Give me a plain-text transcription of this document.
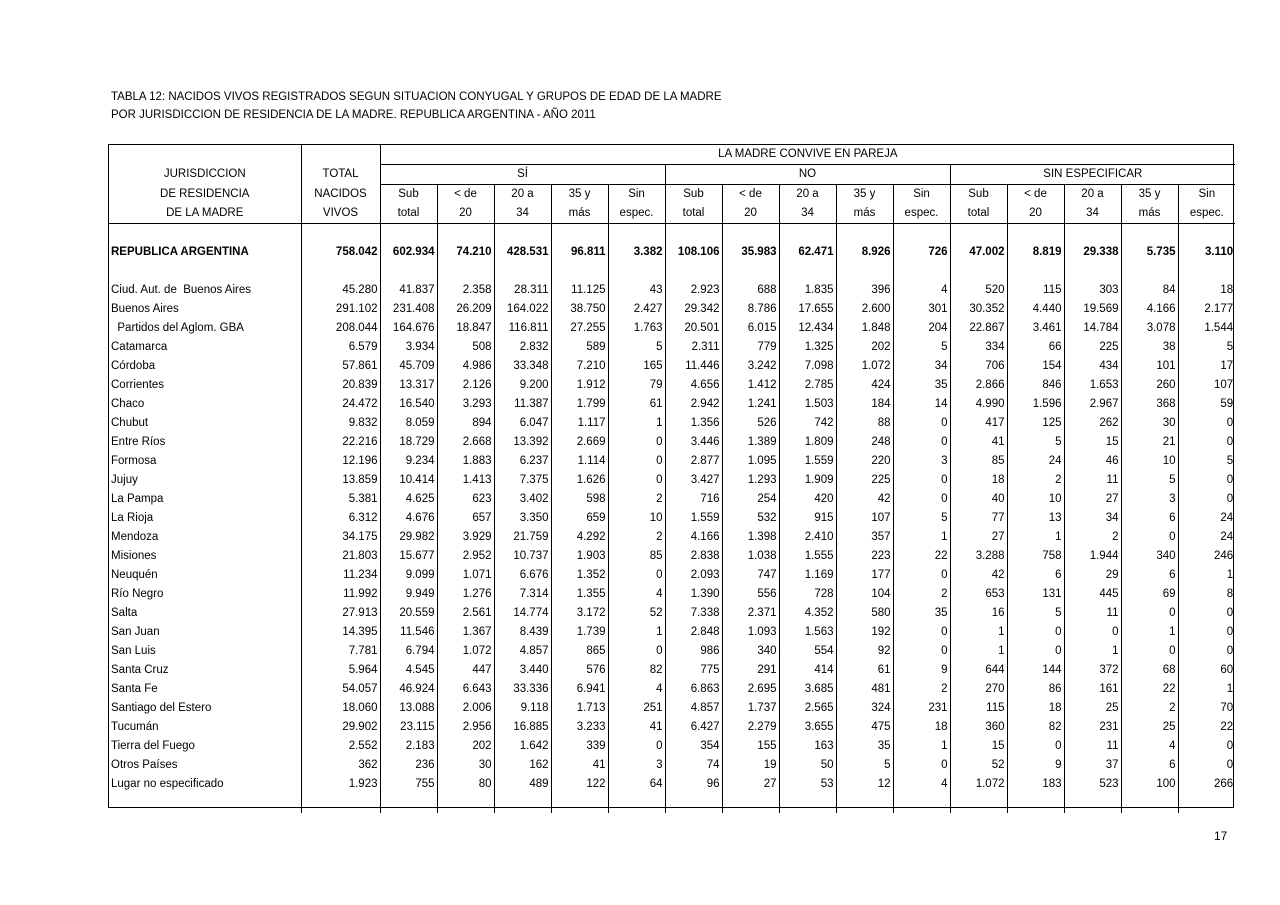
TABLA 12: NACIDOS VIVOS REGISTRADOS SEGUN SITUACION CONYUGAL Y GRUPOS DE EDAD DE LA MADRE
POR JURISDICCION DE RESIDENCIA DE LA MADRE. REPUBLICA ARGENTINA - AÑO 2011
		LA MADRE CONVIVE EN PAREJA														
JURISDICCION	TOTAL	SÍ					NO					SIN ESPECIFICAR				
DE RESIDENCIA	NACIDOS	Sub	< de	20 a	35 y	Sin	Sub	< de	20 a	35 y	Sin	Sub	< de	20 a	35 y	Sin
DE LA MADRE	VIVOS	total	20	34	más	espec.	total	20	34	más	espec.	total	20	34	más	espec.

REPUBLICA ARGENTINA	758.042	602.934	74.210	428.531	96.811	3.382	108.106	35.983	62.471	8.926	726	47.002	8.819	29.338	5.735	3.110

Ciud. Aut. de  Buenos Aires	45.280	41.837	2.358	28.311	11.125	43	2.923	688	1.835	396	4	520	115	303	84	18
Buenos Aires	291.102	231.408	26.209	164.022	38.750	2.427	29.342	8.786	17.655	2.600	301	30.352	4.440	19.569	4.166	2.177
Partidos del Aglom. GBA	208.044	164.676	18.847	116.811	27.255	1.763	20.501	6.015	12.434	1.848	204	22.867	3.461	14.784	3.078	1.544
Catamarca	6.579	3.934	508	2.832	589	5	2.311	779	1.325	202	5	334	66	225	38	5
Córdoba	57.861	45.709	4.986	33.348	7.210	165	11.446	3.242	7.098	1.072	34	706	154	434	101	17
Corrientes	20.839	13.317	2.126	9.200	1.912	79	4.656	1.412	2.785	424	35	2.866	846	1.653	260	107
Chaco	24.472	16.540	3.293	11.387	1.799	61	2.942	1.241	1.503	184	14	4.990	1.596	2.967	368	59
Chubut	9.832	8.059	894	6.047	1.117	1	1.356	526	742	88	0	417	125	262	30	0
Entre Ríos	22.216	18.729	2.668	13.392	2.669	0	3.446	1.389	1.809	248	0	41	5	15	21	0
Formosa	12.196	9.234	1.883	6.237	1.114	0	2.877	1.095	1.559	220	3	85	24	46	10	5
Jujuy	13.859	10.414	1.413	7.375	1.626	0	3.427	1.293	1.909	225	0	18	2	11	5	0
La Pampa	5.381	4.625	623	3.402	598	2	716	254	420	42	0	40	10	27	3	0
La Rioja	6.312	4.676	657	3.350	659	10	1.559	532	915	107	5	77	13	34	6	24
Mendoza	34.175	29.982	3.929	21.759	4.292	2	4.166	1.398	2.410	357	1	27	1	2	0	24
Misiones	21.803	15.677	2.952	10.737	1.903	85	2.838	1.038	1.555	223	22	3.288	758	1.944	340	246
Neuquén	11.234	9.099	1.071	6.676	1.352	0	2.093	747	1.169	177	0	42	6	29	6	1
Río Negro	11.992	9.949	1.276	7.314	1.355	4	1.390	556	728	104	2	653	131	445	69	8
Salta	27.913	20.559	2.561	14.774	3.172	52	7.338	2.371	4.352	580	35	16	5	11	0	0
San Juan	14.395	11.546	1.367	8.439	1.739	1	2.848	1.093	1.563	192	0	1	0	0	1	0
San Luis	7.781	6.794	1.072	4.857	865	0	986	340	554	92	0	1	0	1	0	0
Santa Cruz	5.964	4.545	447	3.440	576	82	775	291	414	61	9	644	144	372	68	60
Santa Fe	54.057	46.924	6.643	33.336	6.941	4	6.863	2.695	3.685	481	2	270	86	161	22	1
Santiago del Estero	18.060	13.088	2.006	9.118	1.713	251	4.857	1.737	2.565	324	231	115	18	25	2	70
Tucumán	29.902	23.115	2.956	16.885	3.233	41	6.427	2.279	3.655	475	18	360	82	231	25	22
Tierra del Fuego	2.552	2.183	202	1.642	339	0	354	155	163	35	1	15	0	11	4	0
Otros Países	362	236	30	162	41	3	74	19	50	5	0	52	9	37	6	0
Lugar no especificado	1.923	755	80	489	122	64	96	27	53	12	4	1.072	183	523	100	266

17
